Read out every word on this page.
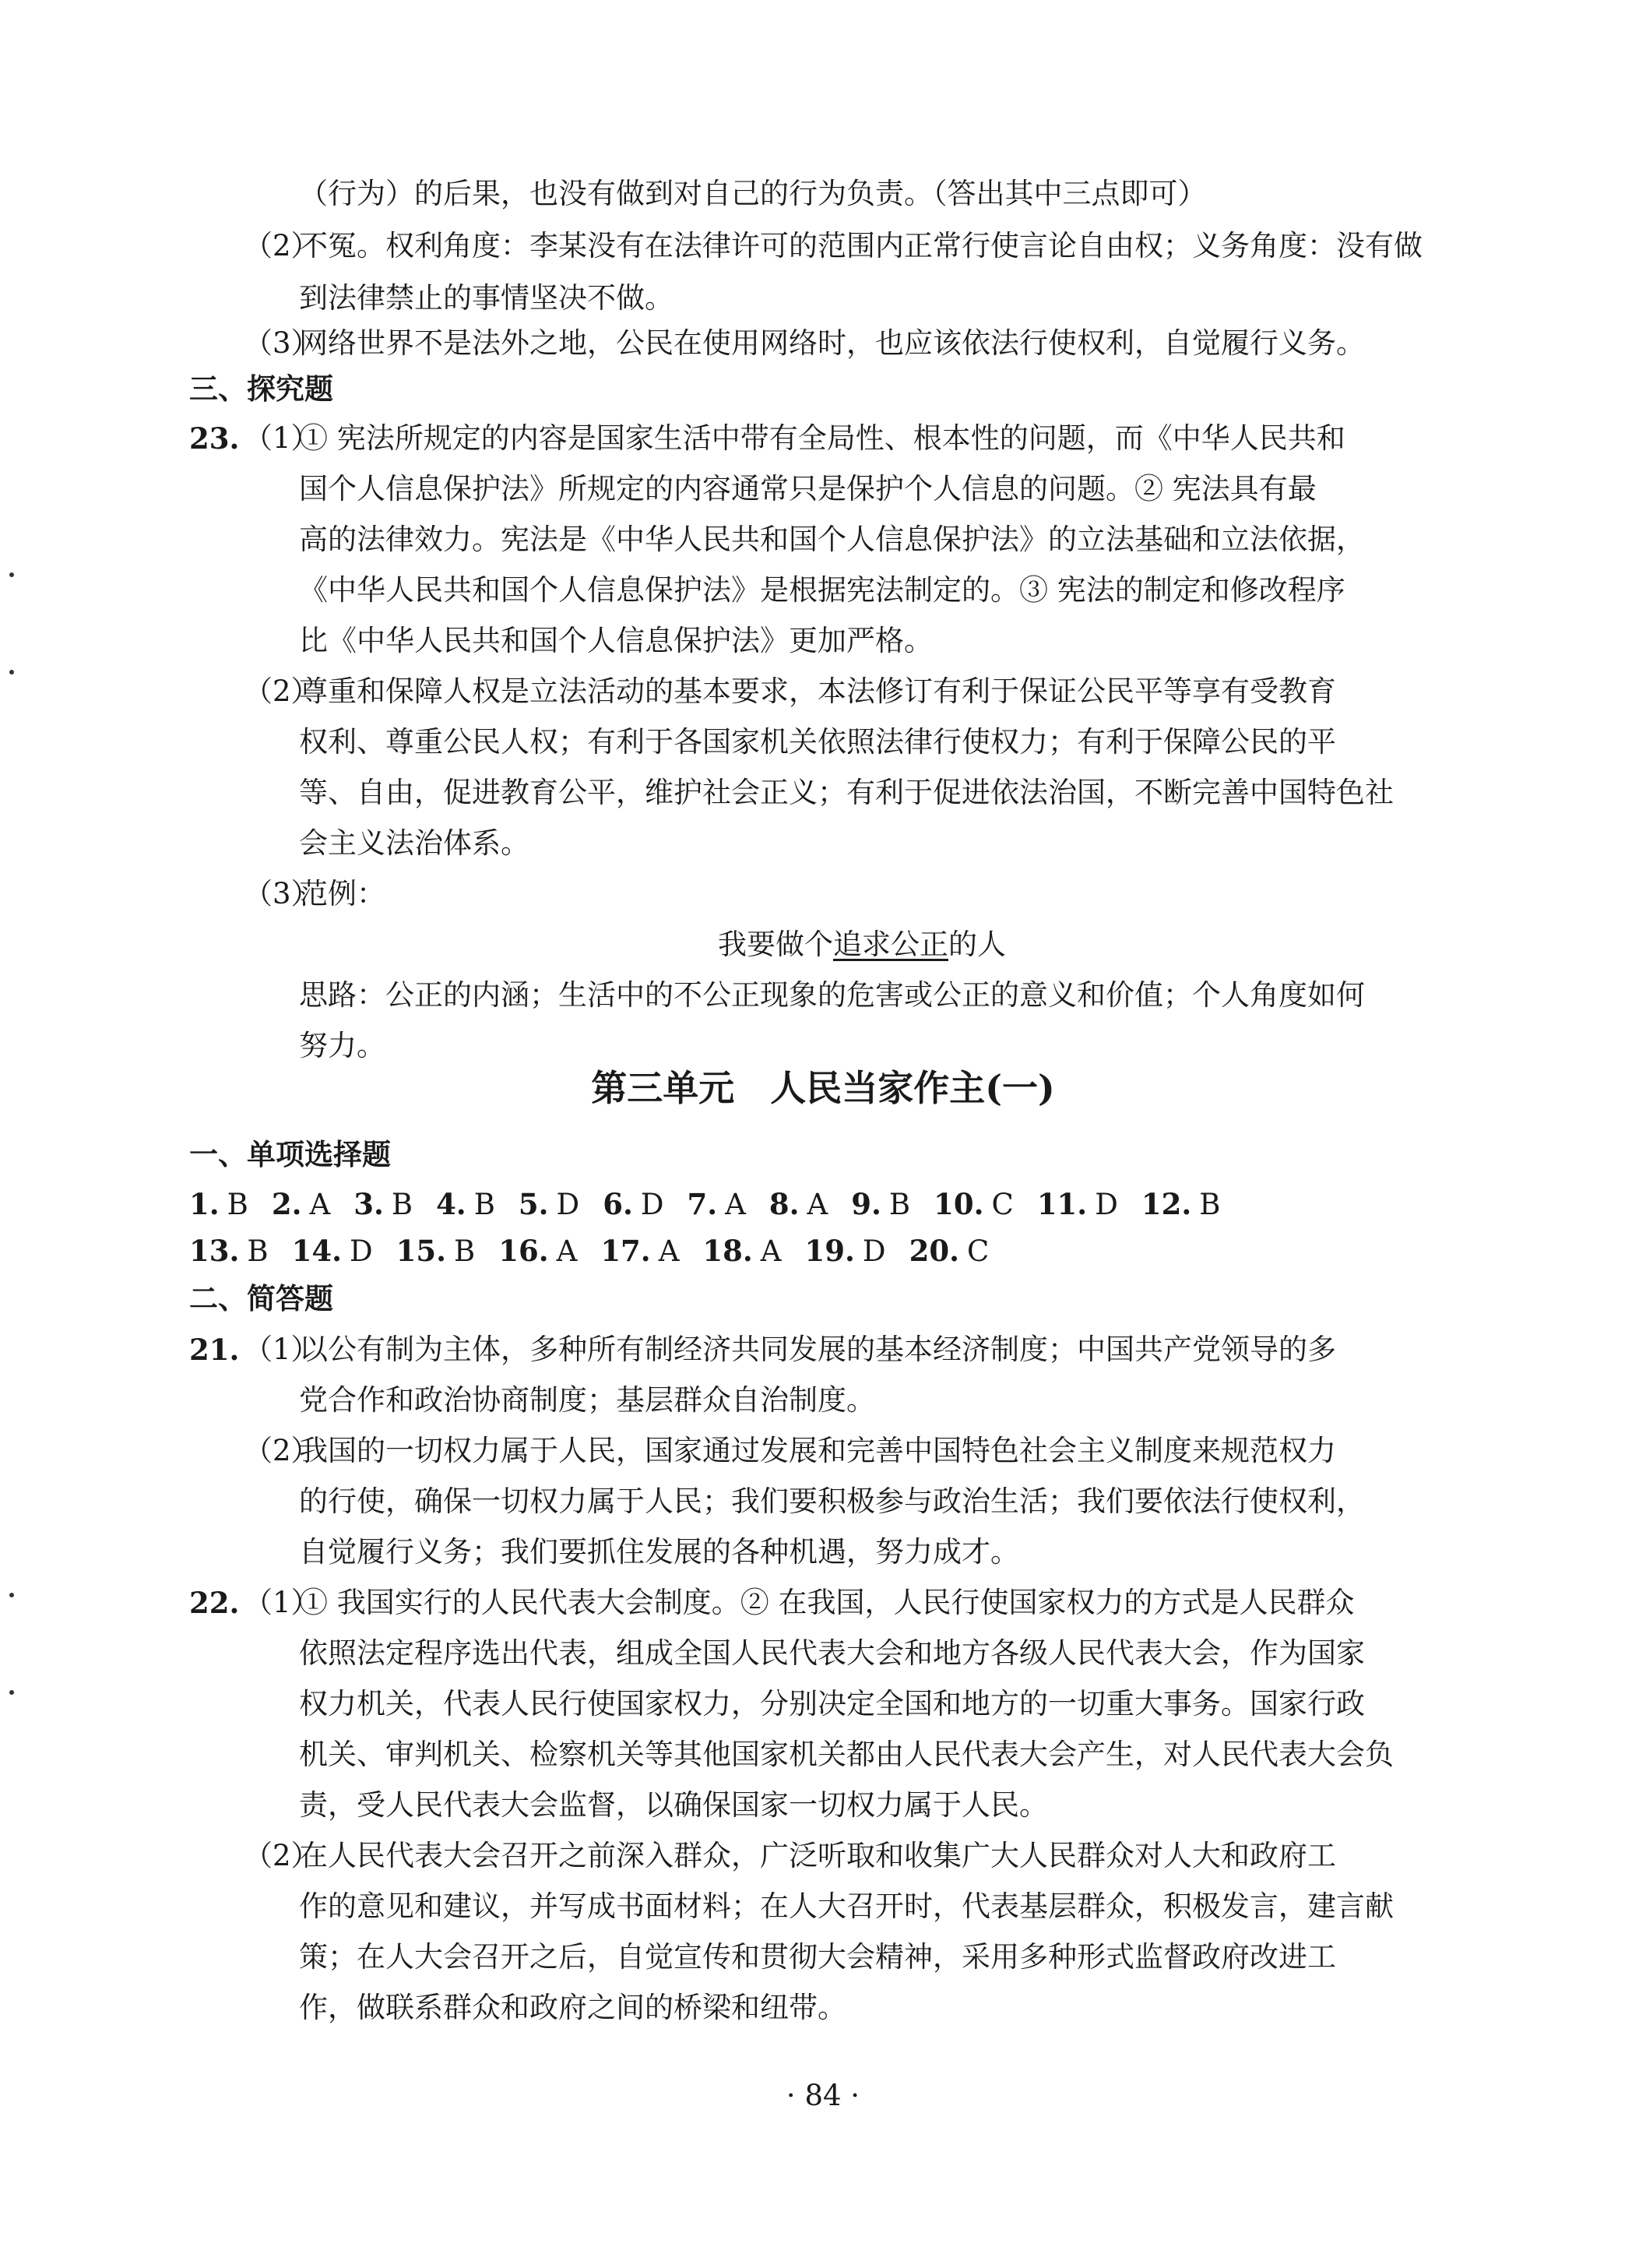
（行为）的后果，也没有做到对自己的行为负责。（答出其中三点即可）
（2）
不冤。权利角度：李某没有在法律许可的范围内正常行使言论自由权；义务角度：没有做
到法律禁止的事情坚决不做。
（3）
网络世界不是法外之地，公民在使用网络时，也应该依法行使权利，自觉履行义务。
三、探究题
23. （1）
① 宪法所规定的内容是国家生活中带有全局性、根本性的问题，而《中华人民共和
国个人信息保护法》所规定的内容通常只是保护个人信息的问题。② 宪法具有最
高的法律效力。宪法是《中华人民共和国个人信息保护法》的立法基础和立法依据，
《中华人民共和国个人信息保护法》是根据宪法制定的。③ 宪法的制定和修改程序
比《中华人民共和国个人信息保护法》更加严格。
（2）
尊重和保障人权是立法活动的基本要求，本法修订有利于保证公民平等享有受教育
权利、尊重公民人权；有利于各国家机关依照法律行使权力；有利于保障公民的平
等、自由，促进教育公平，维护社会正义；有利于促进依法治国，不断完善中国特色社
会主义法治体系。
（3）
范例：
我要做个追求公正的人
思路：公正的内涵；生活中的不公正现象的危害或公正的意义和价值；个人角度如何
努力。
第三单元　人民当家作主(一)
一、单项选择题
1. B 2. A 3. B 4. B 5. D 6. D 7. A 8. A 9. B 10. C 11. D 12. B
13. B 14. D 15. B 16. A 17. A 18. A 19. D 20. C
二、简答题
21. （1）
以公有制为主体，多种所有制经济共同发展的基本经济制度；中国共产党领导的多
党合作和政治协商制度；基层群众自治制度。
（2）
我国的一切权力属于人民，国家通过发展和完善中国特色社会主义制度来规范权力
的行使，确保一切权力属于人民；我们要积极参与政治生活；我们要依法行使权利，
自觉履行义务；我们要抓住发展的各种机遇，努力成才。
22. （1）
① 我国实行的人民代表大会制度。② 在我国，人民行使国家权力的方式是人民群众
依照法定程序选出代表，组成全国人民代表大会和地方各级人民代表大会，作为国家
权力机关，代表人民行使国家权力，分别决定全国和地方的一切重大事务。国家行政
机关、审判机关、检察机关等其他国家机关都由人民代表大会产生，对人民代表大会负
责，受人民代表大会监督，以确保国家一切权力属于人民。
（2）
在人民代表大会召开之前深入群众，广泛听取和收集广大人民群众对人大和政府工
作的意见和建议，并写成书面材料；在人大召开时，代表基层群众，积极发言，建言献
策；在人大会召开之后，自觉宣传和贯彻大会精神，采用多种形式监督政府改进工
作，做联系群众和政府之间的桥梁和纽带。
· 84 ·
